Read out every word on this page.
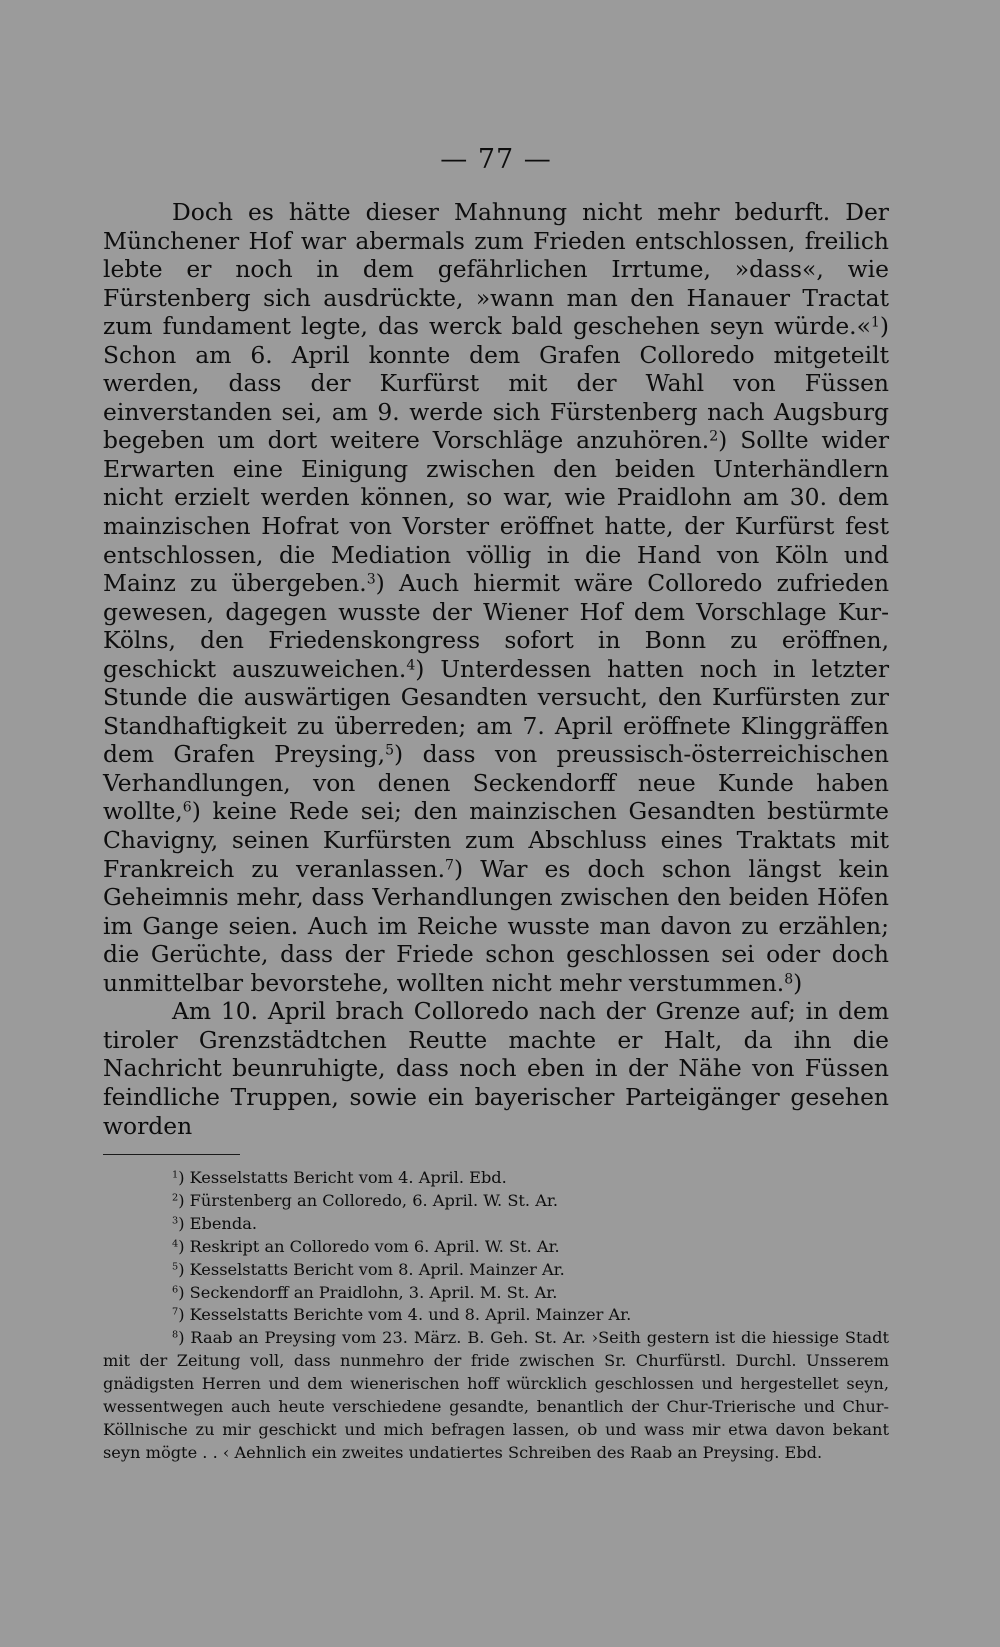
— 77 —

Doch es hätte dieser Mahnung nicht mehr bedurft. Der Münchener Hof war abermals zum Frieden entschlossen, freilich lebte er noch in dem gefährlichen Irrtume, »dass«, wie Fürstenberg sich ausdrückte, »wann man den Hanauer Tractat zum fundament legte, das werck bald geschehen seyn würde.«$^1$) Schon am 6. April konnte dem Grafen Colloredo mitgeteilt werden, dass der Kurfürst mit der Wahl von Füssen einverstanden sei, am 9. werde sich Fürstenberg nach Augsburg begeben um dort weitere Vorschläge anzuhören.$^2$) Sollte wider Erwarten eine Einigung zwischen den beiden Unterhändlern nicht erzielt werden können, so war, wie Praidlohn am 30. dem mainzischen Hofrat von Vorster eröffnet hatte, der Kurfürst fest entschlossen, die Mediation völlig in die Hand von Köln und Mainz zu übergeben.$^3$) Auch hiermit wäre Colloredo zufrieden gewesen, dagegen wusste der Wiener Hof dem Vorschlage Kur-Kölns, den Friedenskongress sofort in Bonn zu eröffnen, geschickt auszuweichen.$^4$) Unterdessen hatten noch in letzter Stunde die auswärtigen Gesandten versucht, den Kurfürsten zur Standhaftigkeit zu überreden; am 7. April eröffnete Klinggräffen dem Grafen Preysing,$^5$) dass von preussisch-österreichischen Verhandlungen, von denen Seckendorff neue Kunde haben wollte,$^6$) keine Rede sei; den mainzischen Gesandten bestürmte Chavigny, seinen Kurfürsten zum Abschluss eines Traktats mit Frankreich zu veranlassen.$^7$) War es doch schon längst kein Geheimnis mehr, dass Verhandlungen zwischen den beiden Höfen im Gange seien. Auch im Reiche wusste man davon zu erzählen; die Gerüchte, dass der Friede schon geschlossen sei oder doch unmittelbar bevorstehe, wollten nicht mehr verstummen.$^8$)

Am 10. April brach Colloredo nach der Grenze auf; in dem tiroler Grenzstädtchen Reutte machte er Halt, da ihn die Nachricht beunruhigte, dass noch eben in der Nähe von Füssen feindliche Truppen, sowie ein bayerischer Parteigänger gesehen worden

$^1$) Kesselstatts Bericht vom 4. April. Ebd.

$^2$) Fürstenberg an Colloredo, 6. April. W. St. Ar.

$^3$) Ebenda.

$^4$) Reskript an Colloredo vom 6. April. W. St. Ar.

$^5$) Kesselstatts Bericht vom 8. April. Mainzer Ar.

$^6$) Seckendorff an Praidlohn, 3. April. M. St. Ar.

$^7$) Kesselstatts Berichte vom 4. und 8. April. Mainzer Ar.

$^8$) Raab an Preysing vom 23. März. B. Geh. St. Ar. ›Seith gestern ist die hiessige Stadt mit der Zeitung voll, dass nunmehro der fride zwischen Sr. Churfürstl. Durchl. Unsserem gnädigsten Herren und dem wienerischen hoff würcklich geschlossen und hergestellet seyn, wessentwegen auch heute verschiedene gesandte, benantlich der Chur-Trierische und Chur-Köllnische zu mir geschickt und mich befragen lassen, ob und wass mir etwa davon bekant seyn mögte . . ‹ Aehnlich ein zweites undatiertes Schreiben des Raab an Preysing. Ebd.
